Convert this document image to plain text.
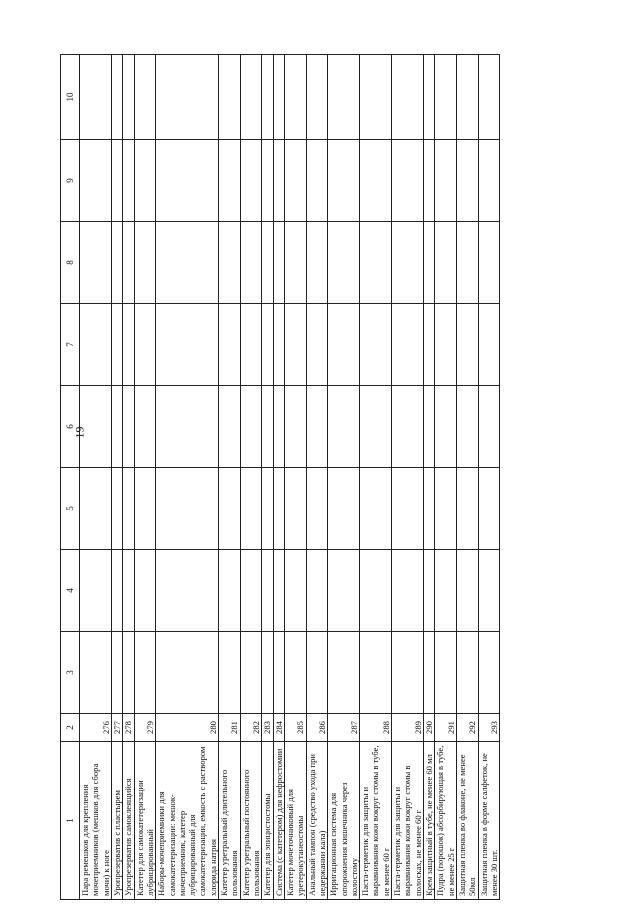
19
1	2	3	4	5	6	7	8	9	10
Пара ремешков для крепления мочеприемников (мешков для сбора мочи) к ноге	276								
Уропрезерватив с пластырем	277								
Уропрезерватив самоклеящийся	278								
Катетер для самокатетеризации лубрицированный	279								
Наборы-мочеприемники для самокатетеризации: мешок-мочеприемник, катетер лубрицированный для самокатетеризации, емкость с раствором хлорида натрия	280								
Катетер уретральный длительного пользования	281								
Катетер уретральный постоянного пользования	282								
Катетер для эпицистостомы	283								
Система (с катетером) для нефростомии	284								
Катетер мочеточниковый для уретерокутанеостомы	285								
Анальный тампон (средство ухода при недержании кала)	286								
Ирригационная система для опорожнения кишечника через колостому	287								
Паста-герметик для защиты и выравнивания кожи вокруг стомы в тубе, не менее 60 г	288								
Паста-герметик для защиты и выравнивания кожи вокруг стомы в полосках, не менее 60 г	289								
Крем защитный в тубе, не менее 60 мл	290								
Пудра (порошок) абсорбирующая в тубе, не менее 25 г	291								
Защитная пленка во флаконе, не менее 50мл	292								
Защитная пленка в форме салфеток, не менее 30 шт.	293								
